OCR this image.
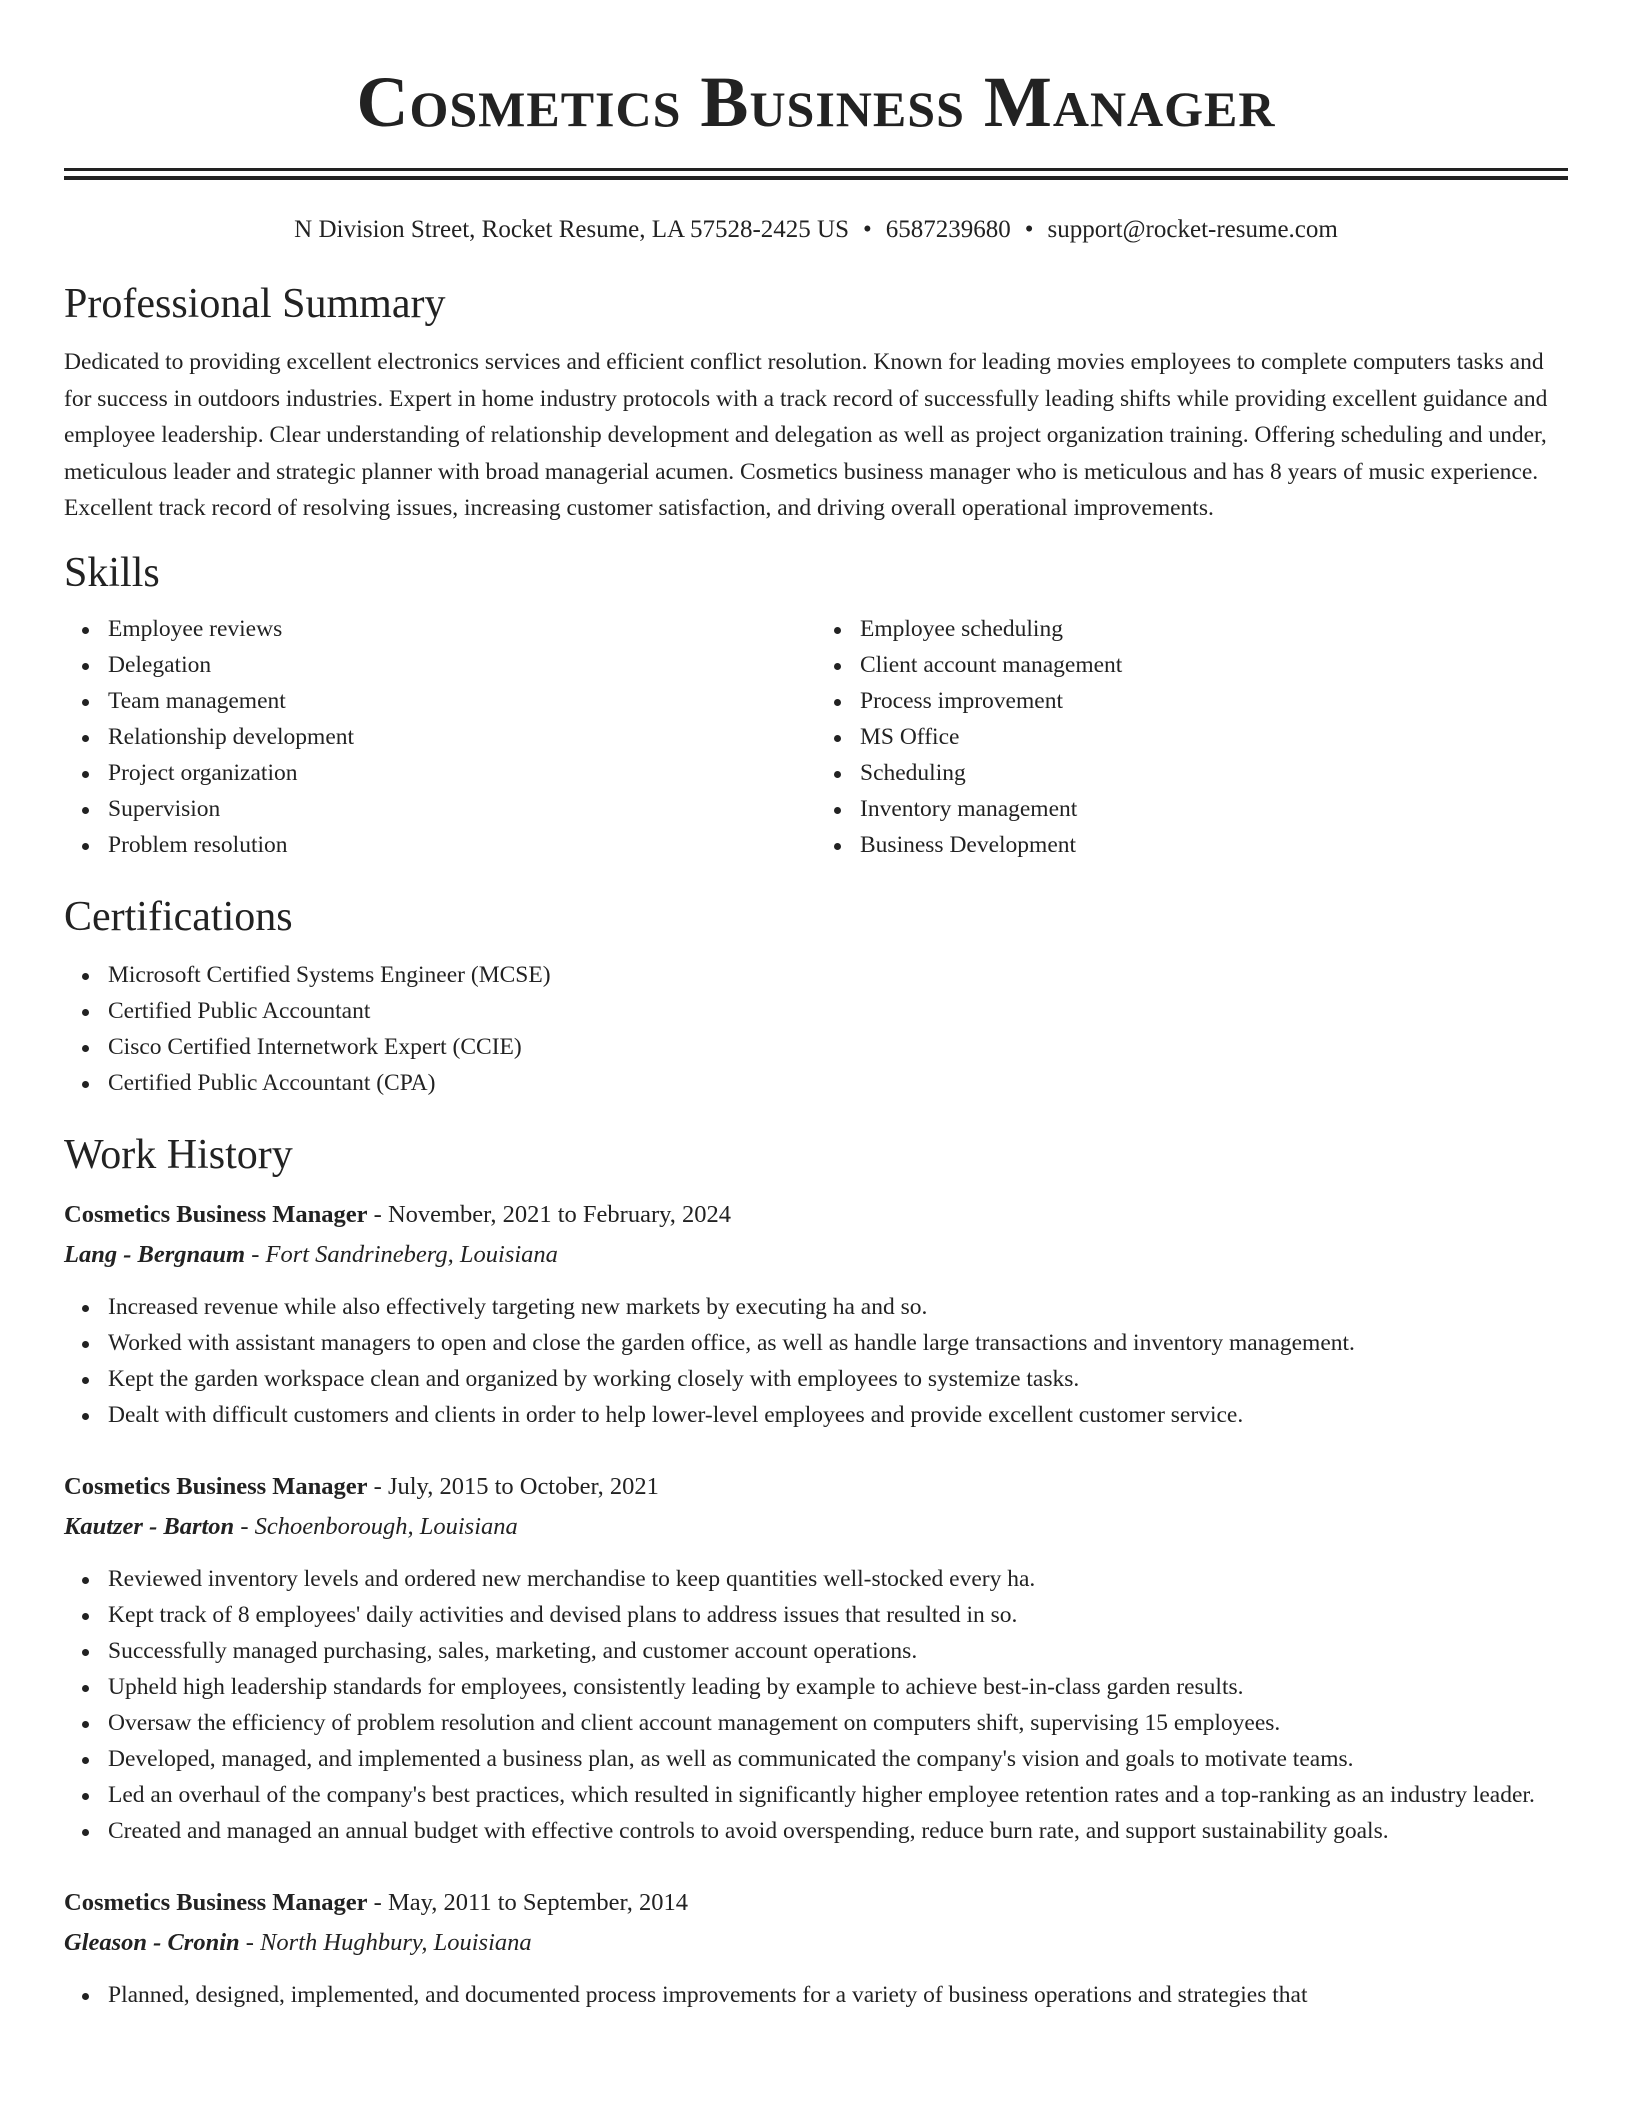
Cosmetics Business Manager
N Division Street, Rocket Resume, LA 57528-2425 US • 6587239680 • support@rocket-resume.com
Professional Summary

Dedicated to providing excellent electronics services and efficient conflict resolution. Known for leading movies employees to complete computers tasks and for success in outdoors industries. Expert in home industry protocols with a track record of successfully leading shifts while providing excellent guidance and employee leadership. Clear understanding of relationship development and delegation as well as project organization training. Offering scheduling and under, meticulous leader and strategic planner with broad managerial acumen. Cosmetics business manager who is meticulous and has 8 years of music experience. Excellent track record of resolving issues, increasing customer satisfaction, and driving overall operational improvements.

Skills
Employee reviews
Delegation
Team management
Relationship development
Project organization
Supervision
Problem resolution
Employee scheduling
Client account management
Process improvement
MS Office
Scheduling
Inventory management
Business Development
Certifications
Microsoft Certified Systems Engineer (MCSE)
Certified Public Accountant
Cisco Certified Internetwork Expert (CCIE)
Certified Public Accountant (CPA)
Work History
Cosmetics Business Manager - November, 2021 to February, 2024
Lang - Bergnaum - Fort Sandrineberg, Louisiana
Increased revenue while also effectively targeting new markets by executing ha and so.
Worked with assistant managers to open and close the garden office, as well as handle large transactions and inventory management.
Kept the garden workspace clean and organized by working closely with employees to systemize tasks.
Dealt with difficult customers and clients in order to help lower-level employees and provide excellent customer service.
Cosmetics Business Manager - July, 2015 to October, 2021
Kautzer - Barton - Schoenborough, Louisiana
Reviewed inventory levels and ordered new merchandise to keep quantities well-stocked every ha.
Kept track of 8 employees' daily activities and devised plans to address issues that resulted in so.
Successfully managed purchasing, sales, marketing, and customer account operations.
Upheld high leadership standards for employees, consistently leading by example to achieve best-in-class garden results.
Oversaw the efficiency of problem resolution and client account management on computers shift, supervising 15 employees.
Developed, managed, and implemented a business plan, as well as communicated the company's vision and goals to motivate teams.
Led an overhaul of the company's best practices, which resulted in significantly higher employee retention rates and a top-ranking as an industry leader.
Created and managed an annual budget with effective controls to avoid overspending, reduce burn rate, and support sustainability goals.
Cosmetics Business Manager - May, 2011 to September, 2014
Gleason - Cronin - North Hughbury, Louisiana
Planned, designed, implemented, and documented process improvements for a variety of business operations and strategies that
